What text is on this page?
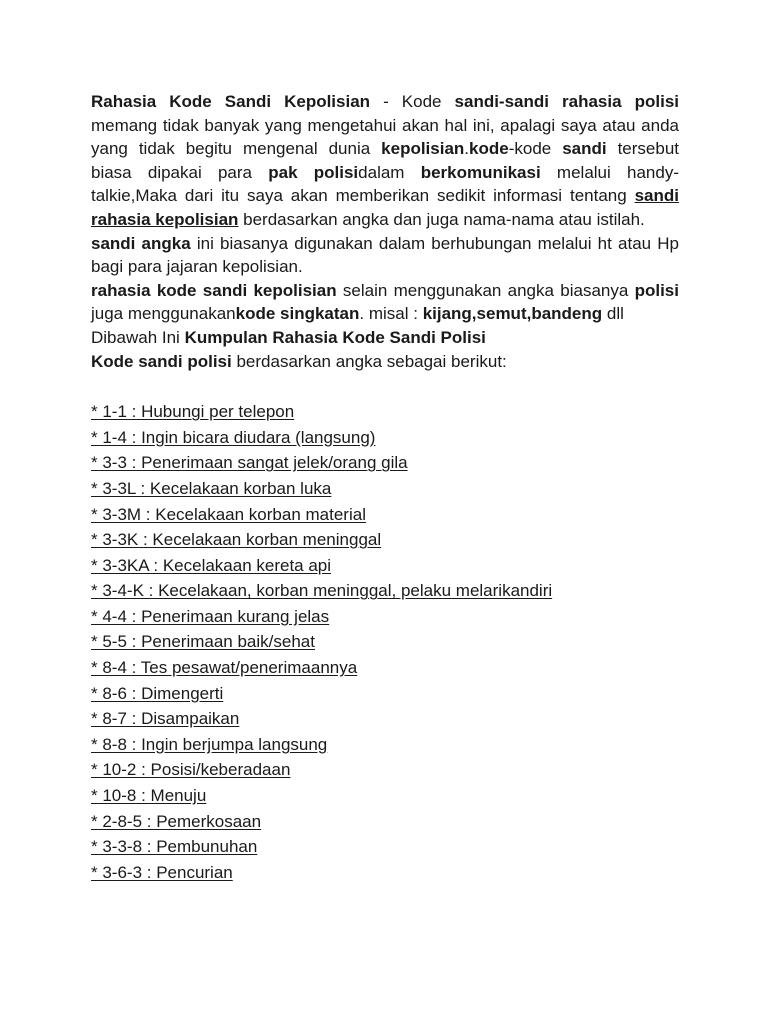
Rahasia Kode Sandi Kepolisian - Kode sandi-sandi rahasia polisi memang tidak banyak yang mengetahui akan hal ini, apalagi saya atau anda yang tidak begitu mengenal dunia kepolisian.kode-kode sandi tersebut biasa dipakai para pak polisidalam berkomunikasi melalui handy-talkie,Maka dari itu saya akan memberikan sedikit informasi tentang sandi rahasia kepolisian berdasarkan angka dan juga nama-nama atau istilah.

sandi angka ini biasanya digunakan dalam berhubungan melalui ht atau Hp bagi para jajaran kepolisian.

rahasia kode sandi kepolisian selain menggunakan angka biasanya polisi juga menggunakankode singkatan. misal : kijang,semut,bandeng dll

Dibawah Ini Kumpulan Rahasia Kode Sandi Polisi

Kode sandi polisi berdasarkan angka sebagai berikut:

* 1-1 : Hubungi per telepon
* 1-4 : Ingin bicara diudara (langsung)
* 3-3 : Penerimaan sangat jelek/orang gila
* 3-3L : Kecelakaan korban luka
* 3-3M : Kecelakaan korban material
* 3-3K : Kecelakaan korban meninggal
* 3-3KA : Kecelakaan kereta api
* 3-4-K : Kecelakaan, korban meninggal, pelaku melarikandiri
* 4-4 : Penerimaan kurang jelas
* 5-5 : Penerimaan baik/sehat
* 8-4 : Tes pesawat/penerimaannya
* 8-6 : Dimengerti
* 8-7 : Disampaikan
* 8-8 : Ingin berjumpa langsung
* 10-2 : Posisi/keberadaan
* 10-8 : Menuju
* 2-8-5 : Pemerkosaan
* 3-3-8 : Pembunuhan
* 3-6-3 : Pencurian
